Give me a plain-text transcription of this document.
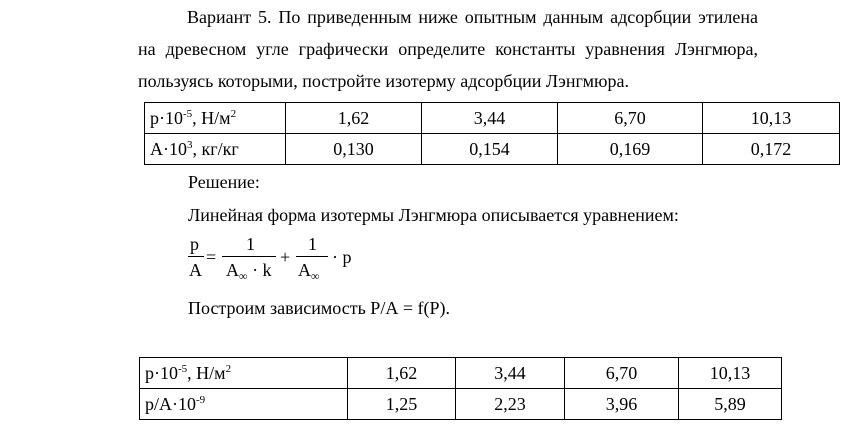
Вариант 5. По приведенным ниже опытным данным адсорбции этилена
на древесном угле графически определите константы уравнения Лэнгмюра,
пользуясь которыми, постройте изотерму адсорбции Лэнгмюра.
$р\cdot 10^{-5}$, $Н/м^2$	1,62	3,44	6,70	10,13
$А\cdot 10^3$, кг/кг	0,130	0,154	0,169	0,172
Решение:
Линейная форма изотермы Лэнгмюра описывается уравнением:
p
A
=
1
$A_\infty \cdot k$
+
1
$A_\infty$
· p
Построим зависимость Р/А = f(Р).
$р\cdot 10^{-5}$, $Н/м^2$	1,62	3,44	6,70	10,13
$р/А\cdot 10^{-9}$	1,25	2,23	3,96	5,89
